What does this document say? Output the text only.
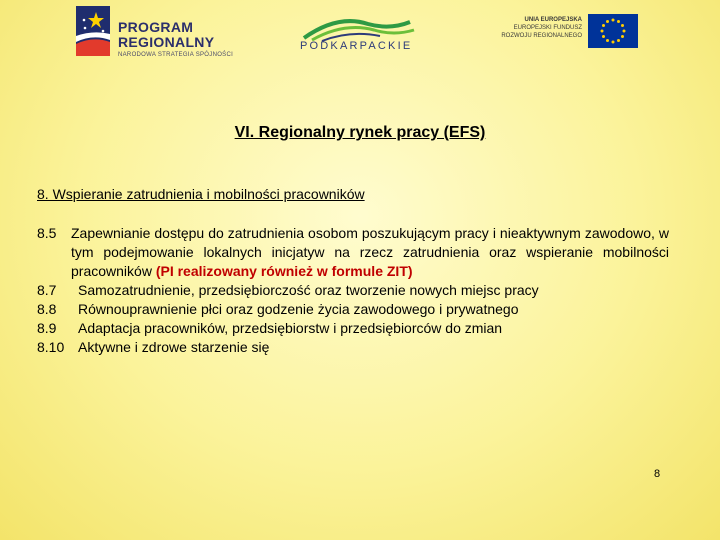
PROGRAM
REGIONALNY
NARODOWA STRATEGIA SPÓJNOŚCI
PODKARPACKIE
UNIA EUROPEJSKA
EUROPEJSKI FUNDUSZ
ROZWOJU REGIONALNEGO
VI. Regionalny rynek pracy (EFS)
8. Wspieranie zatrudnienia i mobilności pracowników
8.5	Zapewnianie dostępu do zatrudnienia osobom poszukującym pracy i nieaktywnym zawodowo, w tym podejmowanie lokalnych inicjatyw na rzecz zatrudnienia oraz wspieranie mobilności pracowników (PI realizowany również w formule ZIT)
8.7	Samozatrudnienie, przedsiębiorczość oraz tworzenie nowych miejsc pracy
8.8	Równouprawnienie płci oraz godzenie życia zawodowego i prywatnego
8.9	Adaptacja pracowników, przedsiębiorstw i przedsiębiorców do zmian
8.10 Aktywne i zdrowe starzenie się
8
